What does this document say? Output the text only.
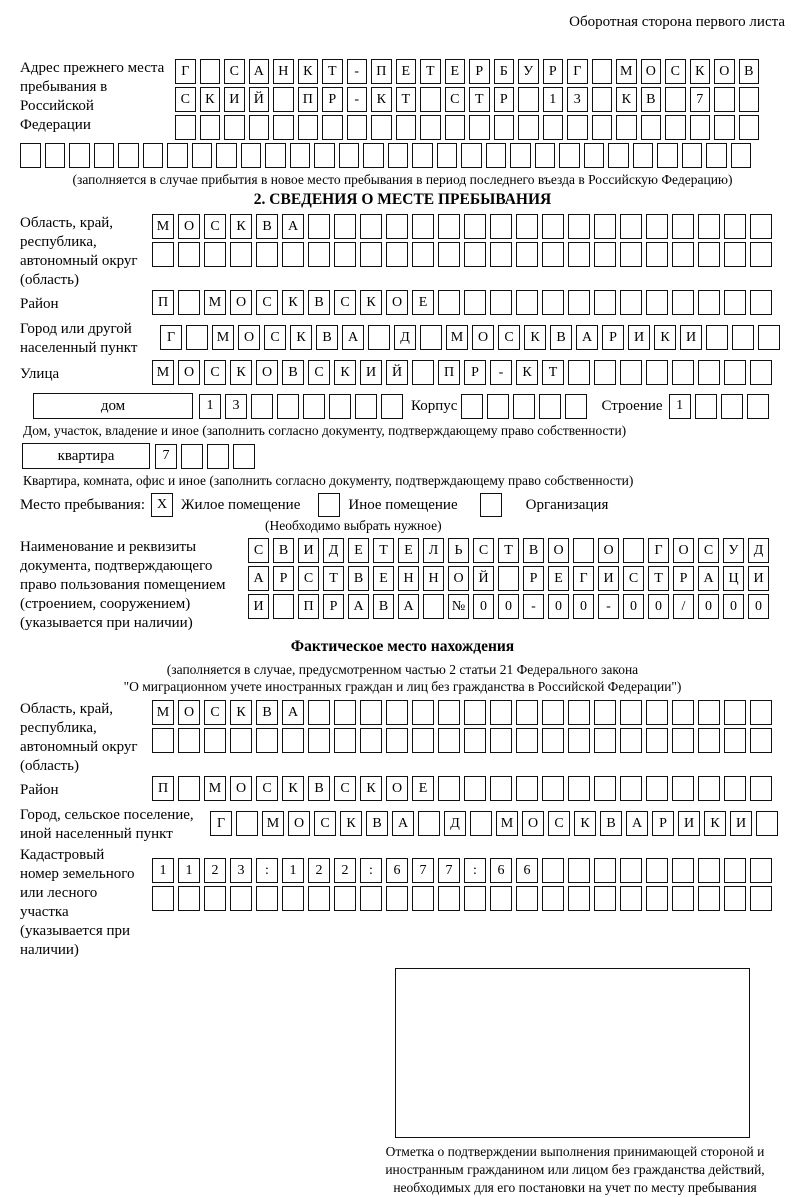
Оборотная сторона первого листа
Адрес прежнего места пребывания в Российской Федерации
Г	С	А	Н	К	Т	-	П	Е	Т	Е	Р	Б	У	Р	Г	М О	С	К	О	В
С	К	И	Й	П	Р	-	К	Т	С	Т	Р	1	3	К	В	7
(заполняется в случае прибытия в новое место пребывания в период последнего въезда в Российскую Федерацию)
2. СВЕДЕНИЯ О МЕСТЕ ПРЕБЫВАНИЯ
Область, край, республика, автономный округ (область)
М	О	С	К	В	А
Район	П	М	О	С	К	В	С	К	О	Е
Город или другой населенный пункт
Г	М	О	С	К	В	А	Д	М	О	С	К	В	А	Р	И	К	И
Улица	М	О	С	К	О	В	С	К	И	Й	П	Р	-	К	Т
дом	1	3	Корпус	Строение 1
Дом, участок, владение и иное (заполнить согласно документу, подтверждающему право собственности)
квартира	7
Квартира, комната, офис и иное (заполнить согласно документу, подтверждающему право собственности)
Место пребывания: X Жилое помещение	Иное помещение	Организация
(Необходимо выбрать нужное)
Наименование и реквизиты документа, подтверждающего право пользования помещением (строением, сооружением) (указывается при наличии)
С	В	И	Д	Е	Т	Е	Л	Ь	С	Т	В	О	О	Г	О	С	У	Д
А	Р	С	Т	В	Е	Н	Н	О	Й	Р	Е	Г	И	С	Т	Р	А	Ц	И
И	П	Р	А	В	А	№	0	0	-	0	0	-	0	0	/	0	0	0
Фактическое место нахождения
(заполняется в случае, предусмотренном частью 2 статьи 21 Федерального закона
"О миграционном учете иностранных граждан и лиц без гражданства в Российской Федерации")
Область, край, республика, автономный округ (область)
М	О	С	К	В	А
Район	П	М	О	С	К	В	С	К	О	Е
Город, сельское поселение, иной населенный пункт
Г	М	О	С	К	В	А	Д	М	О	С	К	В	А	Р	И	К	И
Кадастровый номер земельного или лесного участка (указывается при наличии)
1	1	2	3	:	1	2	2	:	6	7	7	:	6	6
Отметка о подтверждении выполнения принимающей стороной и иностранным гражданином или лицом без гражданства действий, необходимых для его постановки на учет по месту пребывания
